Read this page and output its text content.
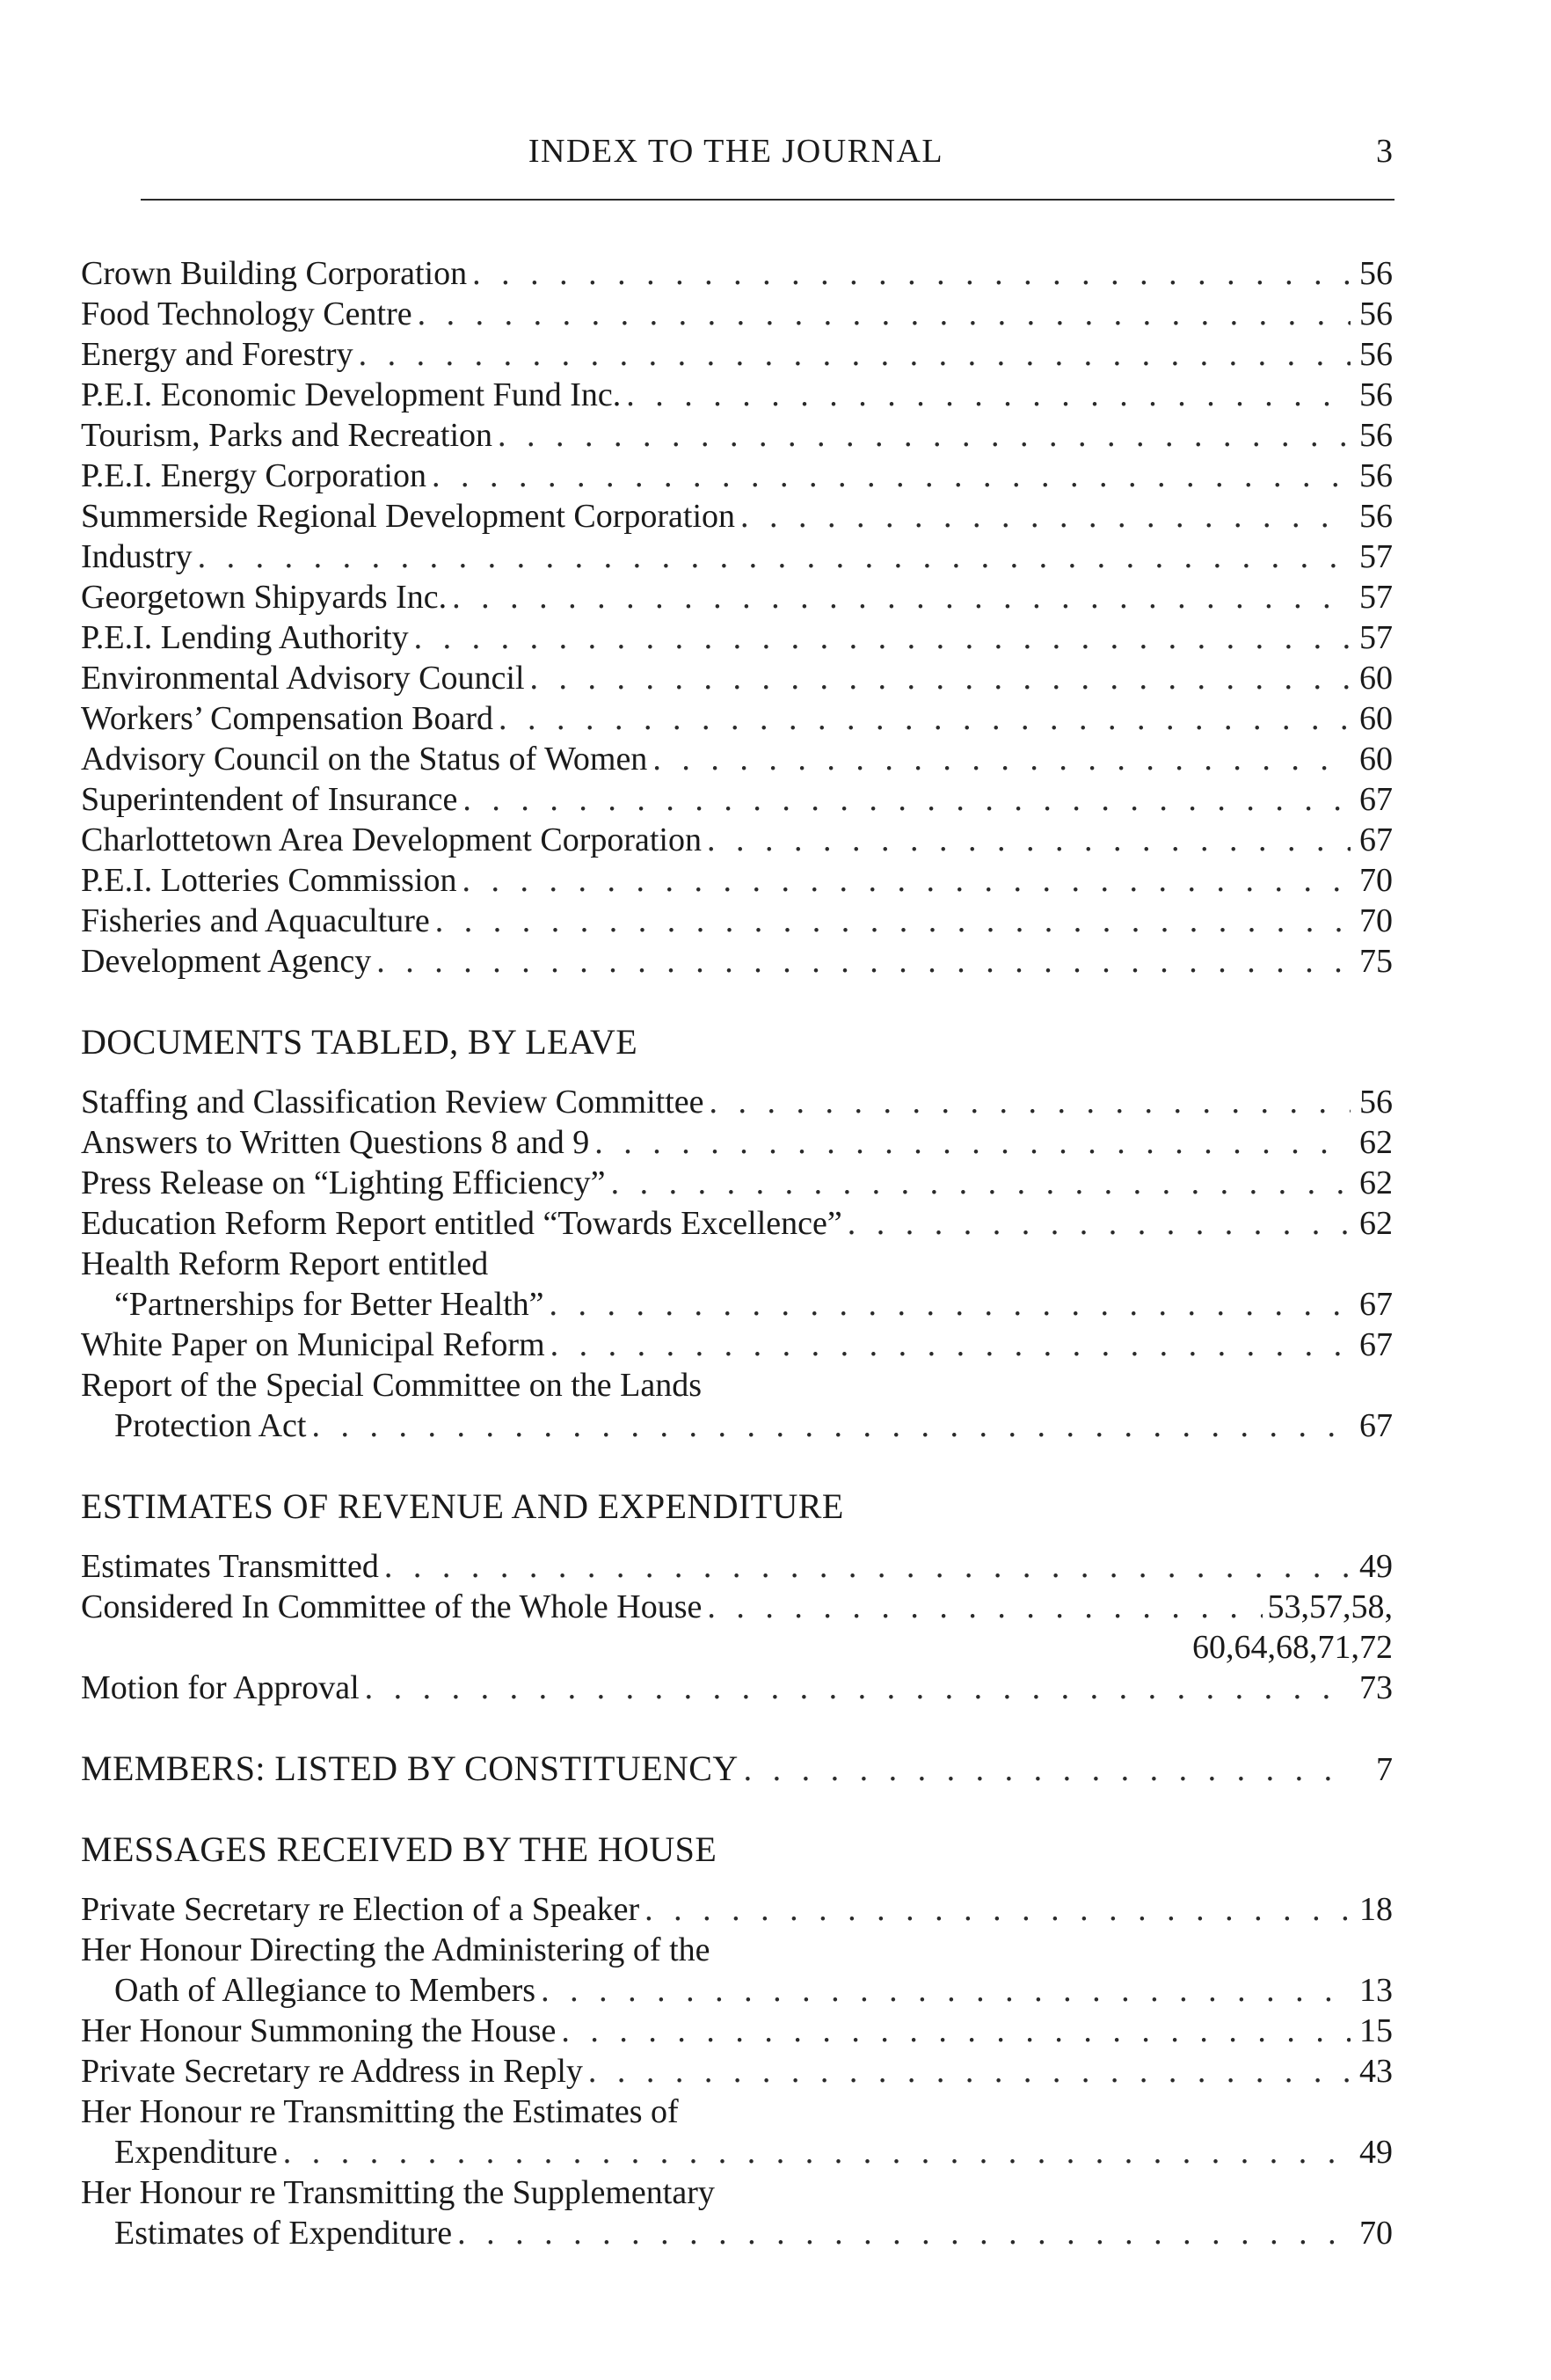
INDEX TO THE JOURNAL	3
Crown Building Corporation . . .	56
Food Technology Centre . . .	56
Energy and Forestry . . .	56
P.E.I. Economic Development Fund Inc. . . .	56
Tourism, Parks and Recreation . . .	56
P.E.I. Energy Corporation . . .	56
Summerside Regional Development Corporation . . .	56
Industry . . .	57
Georgetown Shipyards Inc. . . .	57
P.E.I. Lending Authority . . .	57
Environmental Advisory Council . . .	60
Workers’ Compensation Board . . .	60
Advisory Council on the Status of Women . . .	60
Superintendent of Insurance . . .	67
Charlottetown Area Development Corporation . . .	67
P.E.I. Lotteries Commission . . .	70
Fisheries and Aquaculture . . .	70
Development Agency . . .	75
DOCUMENTS TABLED, BY LEAVE
Staffing and Classification Review Committee . . .	56
Answers to Written Questions 8 and 9 . . .	62
Press Release on “Lighting Efficiency” . . .	62
Education Reform Report entitled “Towards Excellence” . . .	62
Health Reform Report entitled
“Partnerships for Better Health” . . .	67
White Paper on Municipal Reform . . .	67
Report of the Special Committee on the Lands
Protection Act . . .	67
ESTIMATES OF REVENUE AND EXPENDITURE
Estimates Transmitted . . .	49
Considered In Committee of the Whole House . . .	53,57,58,
60,64,68,71,72
Motion for Approval . . .	73
MEMBERS: LISTED BY CONSTITUENCY . . .	7
MESSAGES RECEIVED BY THE HOUSE
Private Secretary re Election of a Speaker . . .	18
Her Honour Directing the Administering of the
Oath of Allegiance to Members . . .	13
Her Honour Summoning the House . . .	15
Private Secretary re Address in Reply . . .	43
Her Honour re Transmitting the Estimates of
Expenditure . . .	49
Her Honour re Transmitting the Supplementary
Estimates of Expenditure . . .	70
